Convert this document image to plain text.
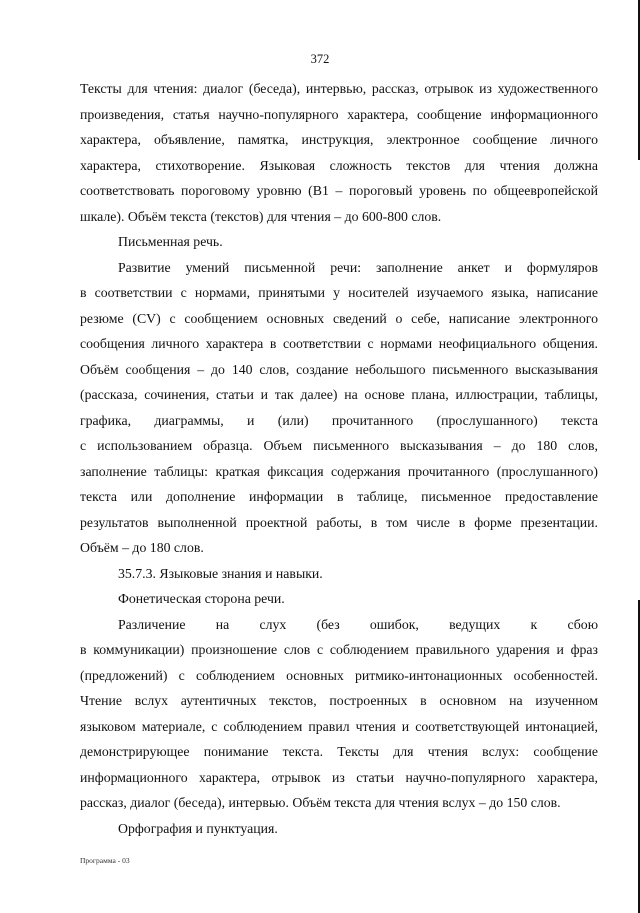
372
Тексты для чтения: диалог (беседа), интервью, рассказ, отрывок из художественного
произведения, статья научно-популярного характера, сообщение информационного
характера, объявление, памятка, инструкция, электронное сообщение личного
характера, стихотворение. Языковая сложность текстов для чтения должна
соответствовать пороговому уровню (B1 – пороговый уровень по общеевропейской
шкале). Объём текста (текстов) для чтения – до 600-800 слов.
Письменная речь.
Развитие умений письменной речи: заполнение анкет и формуляров
в соответствии с нормами, принятыми у носителей изучаемого языка, написание
резюме (CV) с сообщением основных сведений о себе, написание электронного
сообщения личного характера в соответствии с нормами неофициального общения.
Объём сообщения – до 140 слов, создание небольшого письменного высказывания
(рассказа, сочинения, статьи и так далее) на основе плана, иллюстрации, таблицы,
графика, диаграммы, и (или) прочитанного (прослушанного) текста
с использованием образца. Объем письменного высказывания – до 180 слов,
заполнение таблицы: краткая фиксация содержания прочитанного (прослушанного)
текста или дополнение информации в таблице, письменное предоставление
результатов выполненной проектной работы, в том числе в форме презентации.
Объём – до 180 слов.
35.7.3. Языковые знания и навыки.
Фонетическая сторона речи.
Различение на слух (без ошибок, ведущих к сбою
в коммуникации) произношение слов с соблюдением правильного ударения и фраз
(предложений) с соблюдением основных ритмико-интонационных особенностей.
Чтение вслух аутентичных текстов, построенных в основном на изученном
языковом материале, с соблюдением правил чтения и соответствующей интонацией,
демонстрирующее понимание текста. Тексты для чтения вслух: сообщение
информационного характера, отрывок из статьи научно-популярного характера,
рассказ, диалог (беседа), интервью. Объём текста для чтения вслух – до 150 слов.
Орфография и пунктуация.
Программа - 03
